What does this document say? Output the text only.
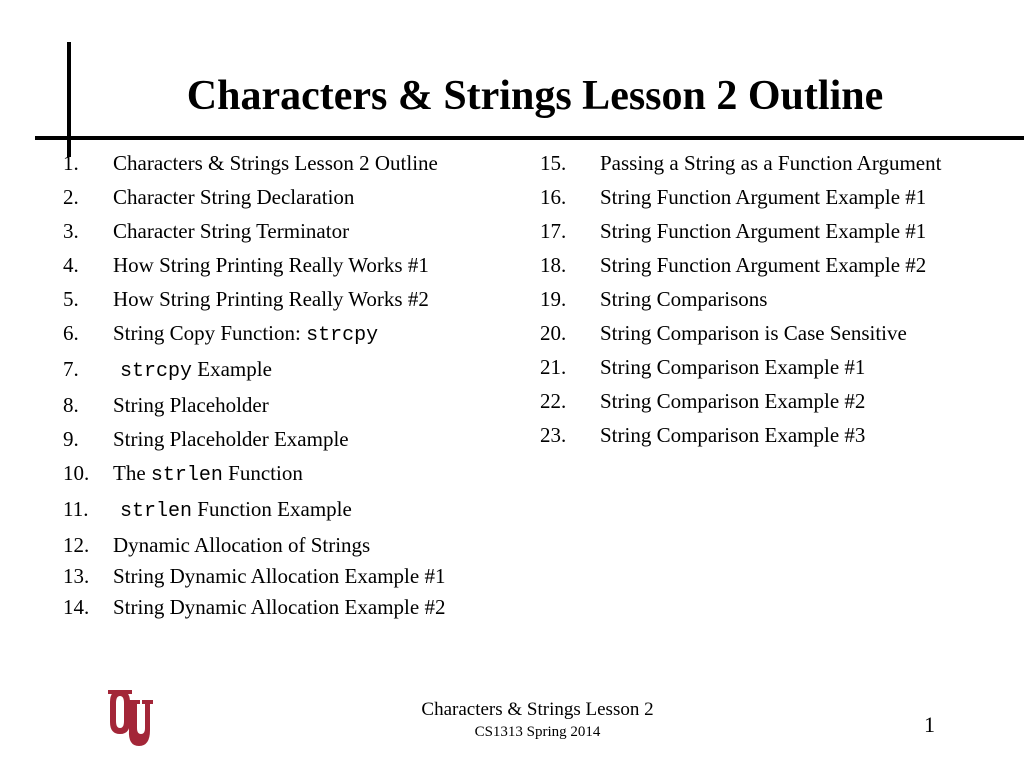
Characters & Strings Lesson 2 Outline
1. Characters & Strings Lesson 2 Outline
2. Character String Declaration
3. Character String Terminator
4. How String Printing Really Works #1
5. How String Printing Really Works #2
6. String Copy Function: strcpy
7. strcpy Example
8. String Placeholder
9. String Placeholder Example
10. The strlen Function
11. strlen Function Example
12. Dynamic Allocation of Strings
13. String Dynamic Allocation Example #1
14. String Dynamic Allocation Example #2
15. Passing a String as a Function Argument
16. String Function Argument Example #1
17. String Function Argument Example #1
18. String Function Argument Example #2
19. String Comparisons
20. String Comparison is Case Sensitive
21. String Comparison Example #1
22. String Comparison Example #2
23. String Comparison Example #3
Characters & Strings Lesson 2
CS1313 Spring 2014	1
